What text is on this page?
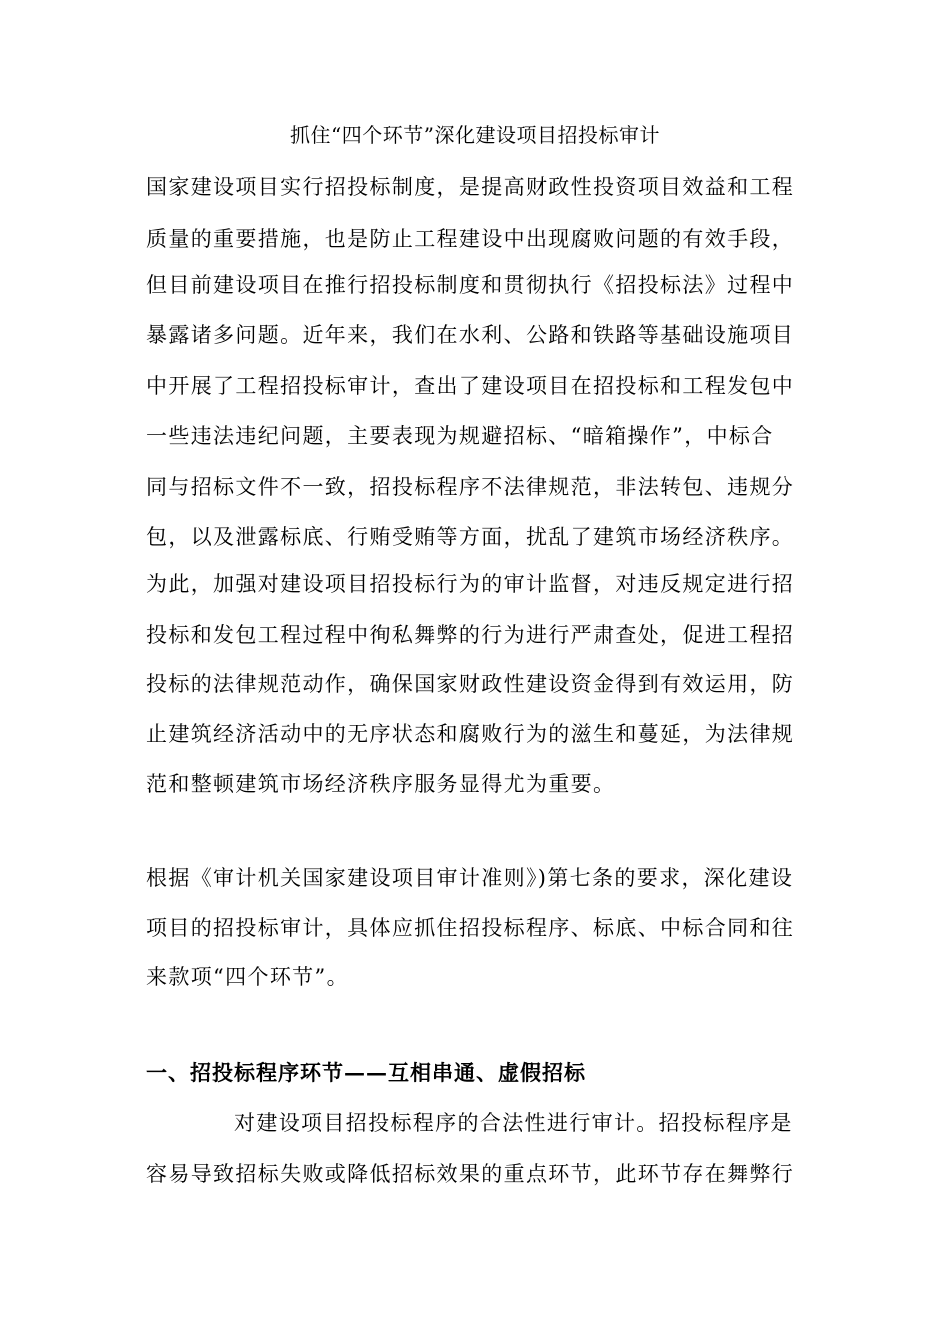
抓住“四个环节”深化建设项目招投标审计
国家建设项目实行招投标制度，是提高财政性投资项目效益和工程
质量的重要措施，也是防止工程建设中出现腐败问题的有效手段，
但目前建设项目在推行招投标制度和贯彻执行《招投标法》过程中
暴露诸多问题。近年来，我们在水利、公路和铁路等基础设施项目
中开展了工程招投标审计，查出了建设项目在招投标和工程发包中
一些违法违纪问题，主要表现为规避招标、“暗箱操作”，中标合
同与招标文件不一致，招投标程序不法律规范，非法转包、违规分
包，以及泄露标底、行贿受贿等方面，扰乱了建筑市场经济秩序。
为此，加强对建设项目招投标行为的审计监督，对违反规定进行招
投标和发包工程过程中徇私舞弊的行为进行严肃查处，促进工程招
投标的法律规范动作，确保国家财政性建设资金得到有效运用，防
止建筑经济活动中的无序状态和腐败行为的滋生和蔓延，为法律规
范和整顿建筑市场经济秩序服务显得尤为重要。
根据《审计机关国家建设项目审计准则》)第七条的要求，深化建设
项目的招投标审计，具体应抓住招投标程序、标底、中标合同和往
来款项“四个环节”。
一、招投标程序环节——互相串通、虚假招标
对建设项目招投标程序的合法性进行审计。招投标程序是
容易导致招标失败或降低招标效果的重点环节，此环节存在舞弊行
